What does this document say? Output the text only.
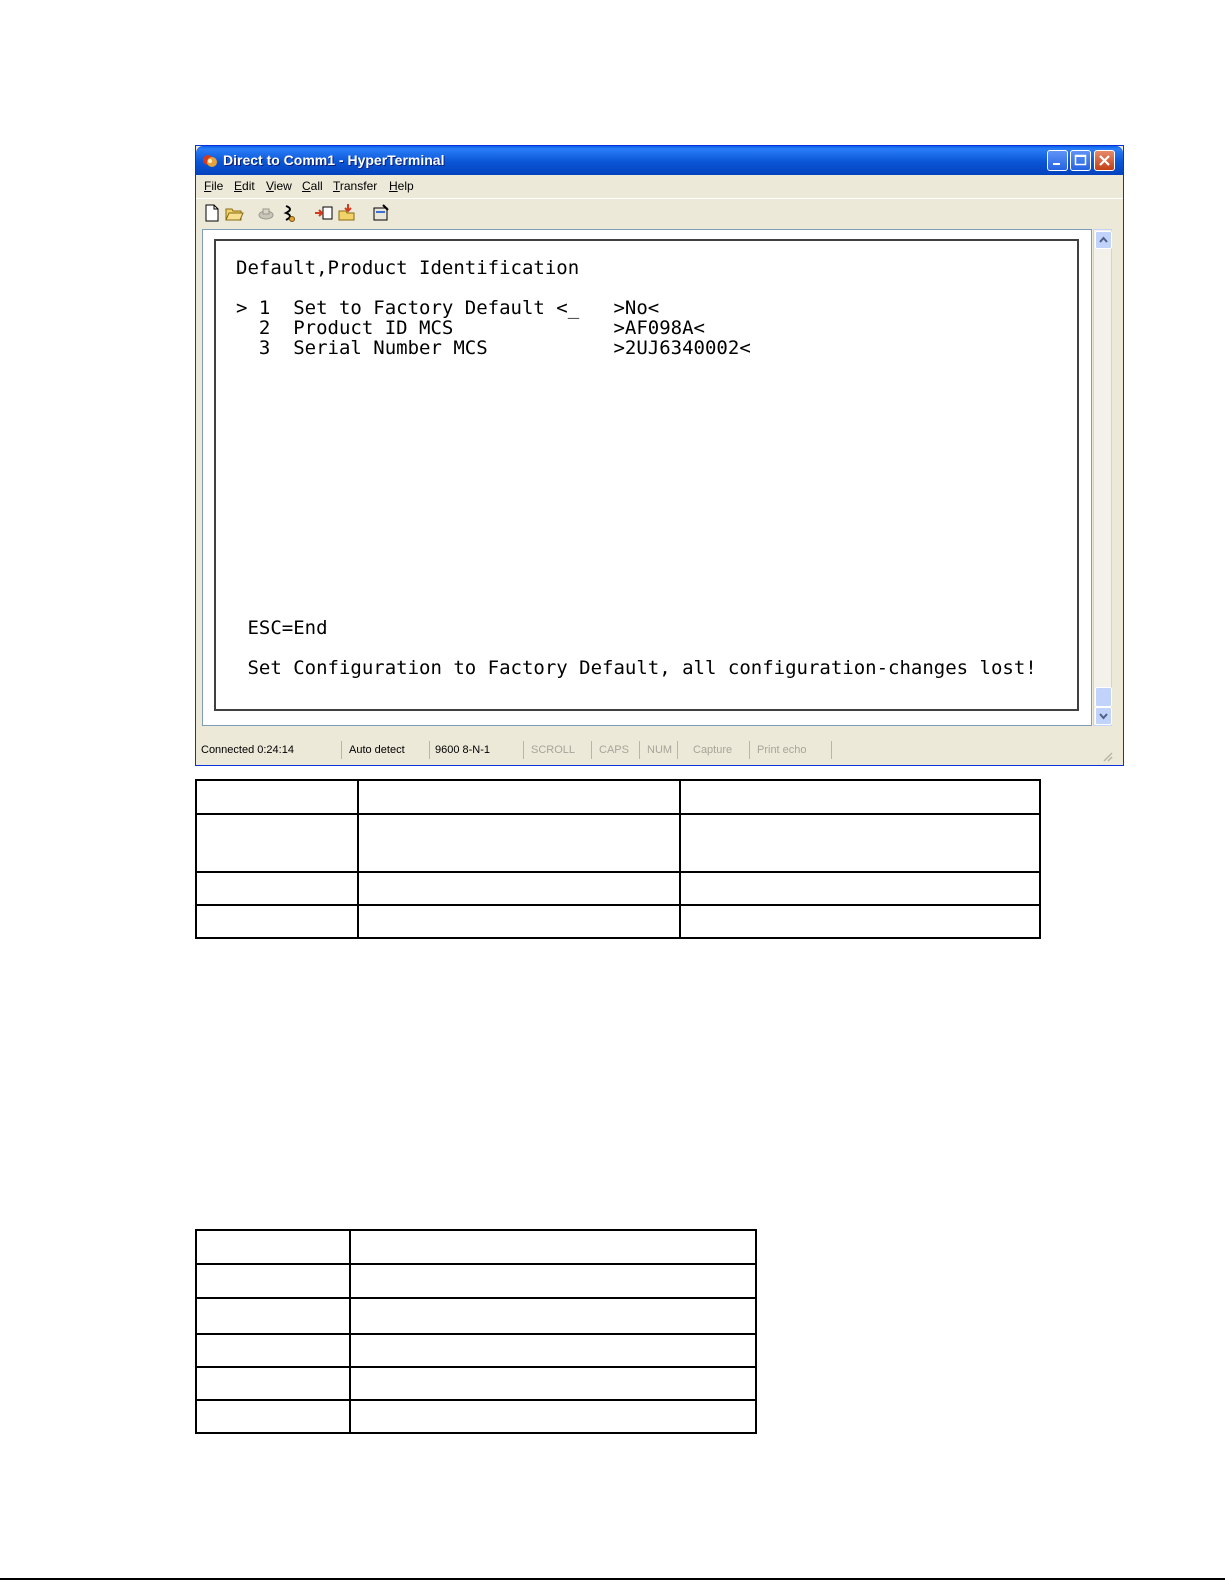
Direct to Comm1 - HyperTerminal
File Edit View Call Transfer Help
Default,Product Identification
> 1  Set to Factory Default <_   >No<
2  Product ID MCS              >AF098A<
3  Serial Number MCS           >2UJ6340002<
ESC=End
Set Configuration to Factory Default, all configuration-changes lost!
Connected 0:24:14	Auto detect	9600 8-N-1	SCROLL	CAPS	NUM	Capture	Print echo
